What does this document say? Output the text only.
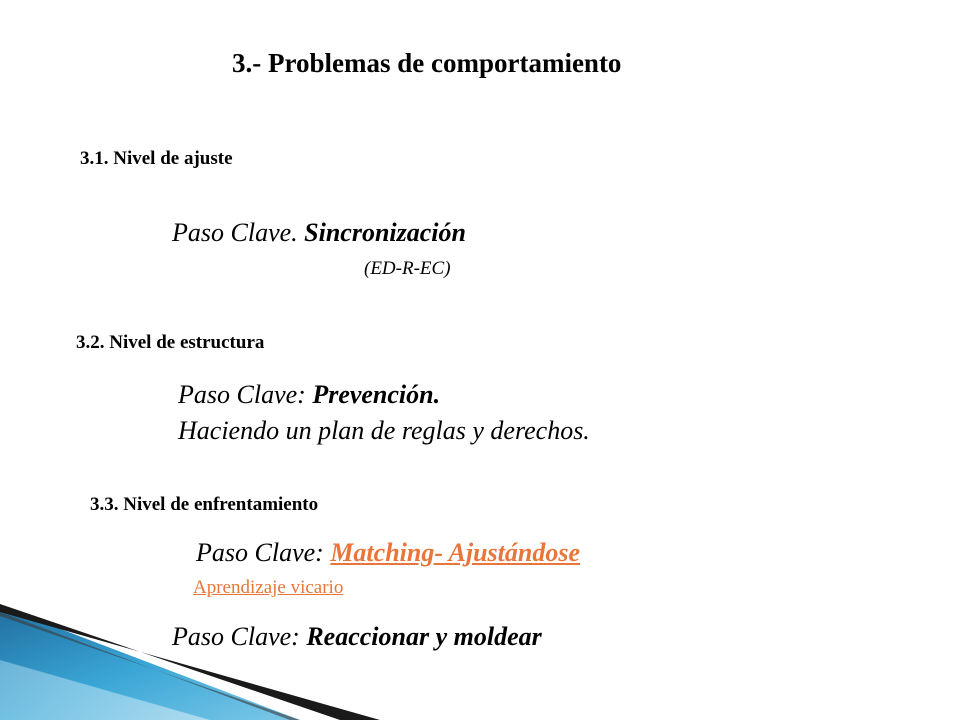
3.- Problemas de comportamiento
3.1. Nivel de ajuste
Paso Clave. Sincronización
(ED-R-EC)
3.2. Nivel de estructura
Paso Clave: Prevención.
Haciendo un plan de reglas y derechos.
3.3. Nivel de enfrentamiento
Paso Clave: Matching- Ajustándose
Aprendizaje vicario
Paso Clave: Reaccionar y moldear
